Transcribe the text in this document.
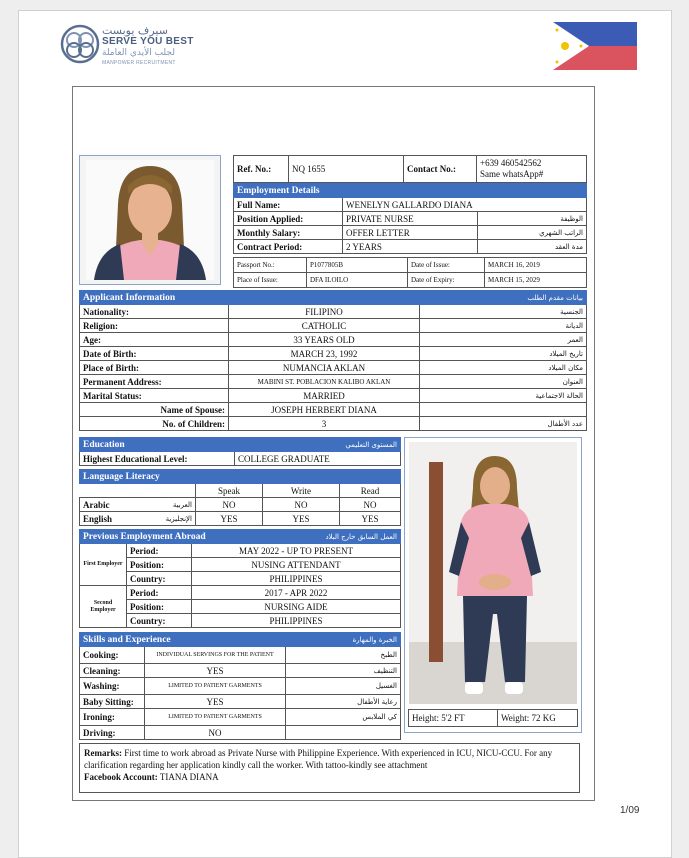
سيرف يوبست
SERVE YOU BEST
لجلب الأيدي العاملة
MANPOWER RECRUITMENT
Ref. No.:	NQ 1655	Contact No.:	+639 460542562
Same whatsApp#
Employment Details		
Full Name:	WENELYN GALLARDO DIANA	
Position Applied:	PRIVATE NURSE	الوظيفة
Monthly Salary:	OFFER LETTER	الراتب الشهري
Contract Period:	2 YEARS	مدة العقد
Passport No.:	P1077805B	Date of Issue:	MARCH 16, 2019
Place of Issue:	DFA ILOILO	Date of Expiry:	MARCH 15, 2029
Applicant Information بيانات مقدم الطلب		

Nationality:	FILIPINO	الجنسية
Religion:	CATHOLIC	الديانة
Age:	33 YEARS OLD	العمر
Date of Birth:	MARCH 23, 1992	تاريخ الميلاد
Place of Birth:	NUMANCIA AKLAN	مكان الميلاد
Permanent Address:	MABINI ST. POBLACION KALIBO AKLAN	العنوان
Marital Status:	MARRIED	الحالة الاجتماعية
Name of Spouse:	JOSEPH HERBERT DIANA	
No. of Children:	3	عدد الأطفال
Education	المستوى التعليمي

Highest Educational Level:	COLLEGE GRADUATE
Language Literacy				
		Speak	Write	Read
Arabic	العربية	NO	NO	NO
English	الإنجليزية	YES	YES	YES
Previous Employment Abroad العمل السابق خارج البلاد		

First Employer	Period:	MAY 2022 - UP TO PRESENT
	Position:	NUSING ATTENDANT
	Country:	PHILIPPINES
Second Employer	Period:	2017 - APR 2022
	Position:	NURSING AIDE
	Country:	PHILIPPINES
Skills and Experience الخبرة والمهارة		

Cooking:	INDIVIDUAL SERVINGS FOR THE PATIENT	الطبخ
Cleaning:	YES	التنظيف
Washing:	LIMITED TO PATIENT GARMENTS	الغسيل
Baby Sitting:	YES	رعاية الأطفال
Ironing:	LIMITED TO PATIENT GARMENTS	كي الملابس
Driving:	NO	
Height: 5'2 FT	Weight: 72 KG
Remarks: First time to work abroad as Private Nurse with Philippine Experience. With experienced in ICU, NICU-CCU. For any clarification regarding her application kindly call the worker. With tattoo-kindly see attachment
Facebook Account: TIANA DIANA
1/09
